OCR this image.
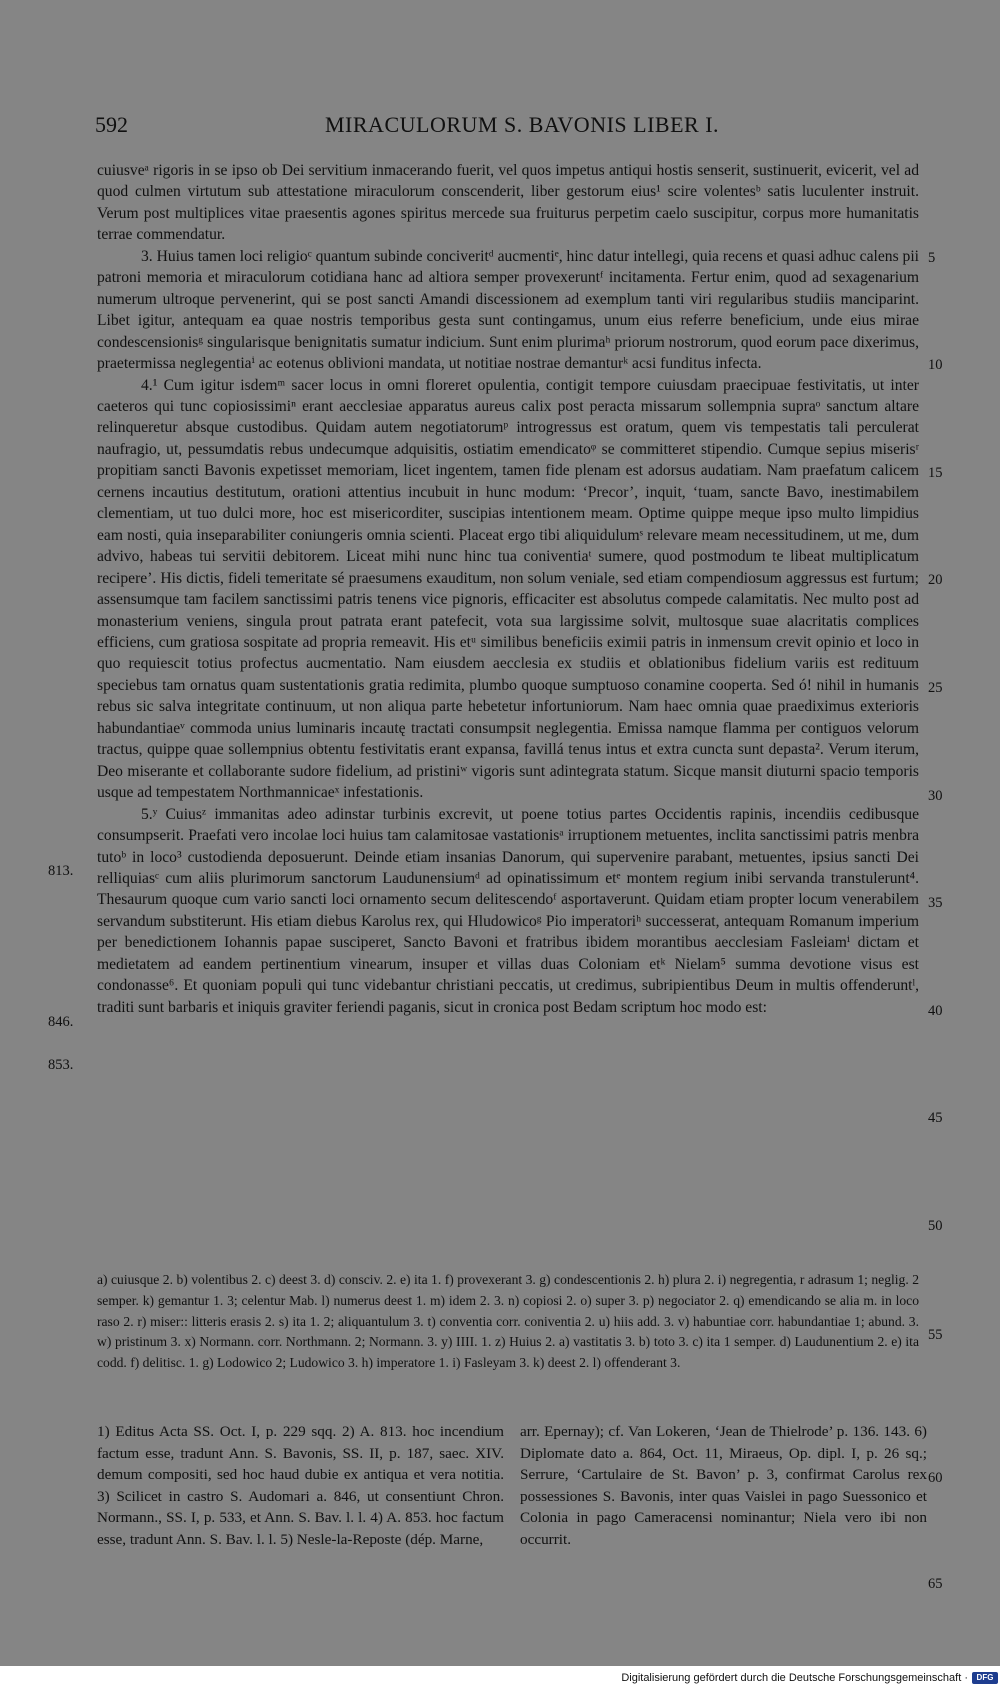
592	MIRACULORUM S. BAVONIS LIBER I.

cuiusveᵃ rigoris in se ipso ob Dei servitium inmacerando fuerit, vel quos impetus antiqui hostis senserit, sustinuerit, evicerit, vel ad quod culmen virtutum sub attestatione miraculorum conscenderit, liber gestorum eius¹ scire volentesᵇ satis luculenter instruit. Verum post multiplices vitae praesentis agones spiritus mercede sua fruiturus perpetim caelo suscipitur, corpus more humanitatis terrae commendatur.

3. Huius tamen loci religioᶜ quantum subinde conciveritᵈ aucmentiᵉ, hinc datur intellegi, quia recens et quasi adhuc calens pii patroni memoria et miraculorum cotidiana hanc ad altiora semper provexeruntᶠ incitamenta. Fertur enim, quod ad sexagenarium numerum ultroque pervenerint, qui se post sancti Amandi discessionem ad exemplum tanti viri regularibus studiis manciparint. Libet igitur, antequam ea quae nostris temporibus gesta sunt contingamus, unum eius referre beneficium, unde eius mirae condescensionisᵍ singularisque benignitatis sumatur indicium. Sunt enim plurimaʰ priorum nostrorum, quod eorum pace dixerimus, praetermissa neglegentiaⁱ ac eotenus oblivioni mandata, ut notitiae nostrae demanturᵏ acsi funditus infecta.

4.¹ Cum igitur isdemᵐ sacer locus in omni floreret opulentia, contigit tempore cuiusdam praecipuae festivitatis, ut inter caeteros qui tunc copiosissimiⁿ erant aecclesiae apparatus aureus calix post peracta missarum sollempnia supraᵒ sanctum altare relinqueretur absque custodibus. Quidam autem negotiatorumᵖ introgressus est oratum, quem vis tempestatis tali perculerat naufragio, ut, pessumdatis rebus undecumque adquisitis, ostiatim emendicatoᵠ se committeret stipendio. Cumque sepius miserisʳ propitiam sancti Bavonis expetisset memoriam, licet ingentem, tamen fide plenam est adorsus audatiam. Nam praefatum calicem cernens incautius destitutum, orationi attentius incubuit in hunc modum: ‘Precor’, inquit, ‘tuam, sancte Bavo, inestimabilem clementiam, ut tuo dulci more, hoc est misericorditer, suscipias intentionem meam. Optime quippe meque ipso multo limpidius eam nosti, quia inseparabiliter coniungeris omnia scienti. Placeat ergo tibi aliquidulumˢ relevare meam necessitudinem, ut me, dum advivo, habeas tui servitii debitorem. Liceat mihi nunc hinc tua coniventiaᵗ sumere, quod postmodum te libeat multiplicatum recipere’. His dictis, fideli temeritate sé praesumens exauditum, non solum veniale, sed etiam compendiosum aggressus est furtum; assensumque tam facilem sanctissimi patris tenens vice pignoris, efficaciter est absolutus compede calamitatis. Nec multo post ad monasterium veniens, singula prout patrata erant patefecit, vota sua largissime solvit, multosque suae alacritatis complices efficiens, cum gratiosa sospitate ad propria remeavit. His etᵘ similibus beneficiis eximii patris in inmensum crevit opinio et loco in quo requiescit totius profectus aucmentatio. Nam eiusdem aecclesia ex studiis et oblationibus fidelium variis est redituum speciebus tam ornatus quam sustentationis gratia redimita, plumbo quoque sumptuoso conamine cooperta. Sed ó! nihil in humanis rebus sic salva integritate continuum, ut non aliqua parte hebetetur infortuniorum. Nam haec omnia quae praediximus exterioris habundantiaeᵛ commoda unius luminaris incautę tractati consumpsit neglegentia. Emissa namque flamma per contiguos velorum tractus, quippe quae sollempnius obtentu festivitatis erant expansa, favillá tenus intus et extra cuncta sunt depasta². Verum iterum, Deo miserante et collaborante sudore fidelium, ad pristiniʷ vigoris sunt adintegrata statum. Sicque mansit diuturni spacio temporis usque ad tempestatem Northmannicaeˣ infestationis.

5.ʸ Cuiusᶻ immanitas adeo adinstar turbinis excrevit, ut poene totius partes Occidentis rapinis, incendiis cedibusque consumpserit. Praefati vero incolae loci huius tam calamitosae vastationisᵃ irruptionem metuentes, inclita sanctissimi patris menbra tutoᵇ in loco³ custodienda deposuerunt. Deinde etiam insanias Danorum, qui supervenire parabant, metuentes, ipsius sancti Dei relliquiasᶜ cum aliis plurimorum sanctorum Laudunensiumᵈ ad opinatissimum etᵉ montem regium inibi servanda transtulerunt⁴. Thesaurum quoque cum vario sancti loci ornamento secum delitescendoᶠ asportaverunt. Quidam etiam propter locum venerabilem servandum substiterunt. His etiam diebus Karolus rex, qui Hludowicoᵍ Pio imperatoriʰ successerat, antequam Romanum imperium per benedictionem Iohannis papae susciperet, Sancto Bavoni et fratribus ibidem morantibus aecclesiam Fasleiamⁱ dictam et medietatem ad eandem pertinentium vinearum, insuper et villas duas Coloniam etᵏ Nielam⁵ summa devotione visus est condonasse⁶. Et quoniam populi qui tunc videbantur christiani peccatis, ut credimus, subripientibus Deum in multis offenderuntˡ, traditi sunt barbaris et iniquis graviter feriendi paganis, sicut in cronica post Bedam scriptum hoc modo est:

5
10
15
20
25
30
35
40
45
50
55
60
65
813.
846.
853.

a) cuiusque 2. b) volentibus 2. c) deest 3. d) consciv. 2. e) ita 1. f) provexerant 3. g) condescentionis 2. h) plura 2. i) negregentia, r adrasum 1; neglig. 2 semper. k) gemantur 1. 3; celentur Mab. l) numerus deest 1. m) idem 2. 3. n) copiosi 2. o) super 3. p) negociator 2. q) emendicando se alia m. in loco raso 2. r) miser:: litteris erasis 2. s) ita 1. 2; aliquantulum 3. t) conventia corr. coniventia 2. u) hiis add. 3. v) habuntiae corr. habundantiae 1; abund. 3. w) pristinum 3. x) Normann. corr. Northmann. 2; Normann. 3. y) IIII. 1. z) Huius 2. a) vastitatis 3. b) toto 3. c) ita 1 semper. d) Laudunentium 2. e) ita codd. f) delitisc. 1. g) Lodowico 2; Ludowico 3. h) imperatore 1. i) Fasleyam 3. k) deest 2. l) offenderant 3.

1) Editus Acta SS. Oct. I, p. 229 sqq. 2) A. 813. hoc incendium factum esse, tradunt Ann. S. Bavonis, SS. II, p. 187, saec. XIV. demum compositi, sed hoc haud dubie ex antiqua et vera notitia. 3) Scilicet in castro S. Audomari a. 846, ut consentiunt Chron. Normann., SS. I, p. 533, et Ann. S. Bav. l. l. 4) A. 853. hoc factum esse, tradunt Ann. S. Bav. l. l. 5) Nesle-la-Reposte (dép. Marne,

arr. Epernay); cf. Van Lokeren, ‘Jean de Thielrode’ p. 136. 143. 6) Diplomate dato a. 864, Oct. 11, Miraeus, Op. dipl. I, p. 26 sq.; Serrure, ‘Cartulaire de St. Bavon’ p. 3, confirmat Carolus rex possessiones S. Bavonis, inter quas Vaislei in pago Suessonico et Colonia in pago Cameracensi nominantur; Niela vero ibi non occurrit.

Digitalisierung gefördert durch die Deutsche Forschungsgemeinschaft ·	DFG
